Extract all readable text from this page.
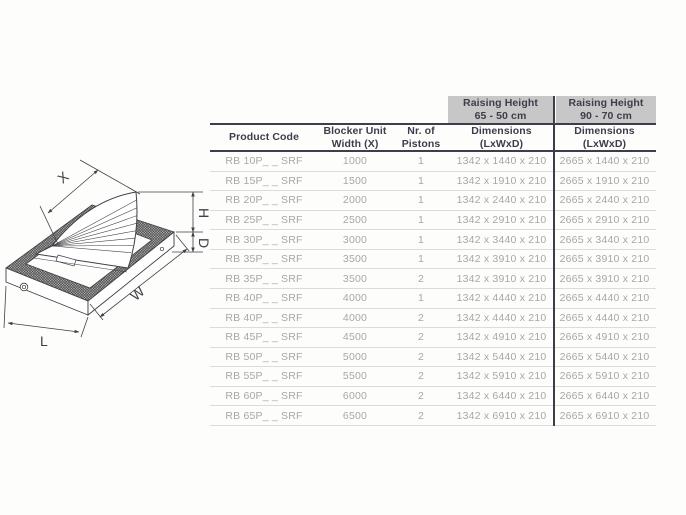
X
W
L
H
D
Raising Height
65 - 50 cm
Raising Height
90 - 70 cm
Product Code
Blocker Unit
Width (X)
Nr. of
Pistons
Dimensions
(LxWxD)
Dimensions
(LxWxD)
RB 10P_ _ SRF	1000	1	1342 x 1440 x 210	2665 x 1440 x 210
RB 15P_ _ SRF	1500	1	1342 x 1910 x 210	2665 x 1910 x 210
RB 20P_ _ SRF	2000	1	1342 x 2440 x 210	2665 x 2440 x 210
RB 25P_ _ SRF	2500	1	1342 x 2910 x 210	2665 x 2910 x 210
RB 30P_ _ SRF	3000	1	1342 x 3440 x 210	2665 x 3440 x 210
RB 35P_ _ SRF	3500	1	1342 x 3910 x 210	2665 x 3910 x 210
RB 35P_ _ SRF	3500	2	1342 x 3910 x 210	2665 x 3910 x 210
RB 40P_ _ SRF	4000	1	1342 x 4440 x 210	2665 x 4440 x 210
RB 40P_ _ SRF	4000	2	1342 x 4440 x 210	2665 x 4440 x 210
RB 45P_ _ SRF	4500	2	1342 x 4910 x 210	2665 x 4910 x 210
RB 50P_ _ SRF	5000	2	1342 x 5440 x 210	2665 x 5440 x 210
RB 55P_ _ SRF	5500	2	1342 x 5910 x 210	2665 x 5910 x 210
RB 60P_ _ SRF	6000	2	1342 x 6440 x 210	2665 x 6440 x 210
RB 65P_ _ SRF	6500	2	1342 x 6910 x 210	2665 x 6910 x 210
